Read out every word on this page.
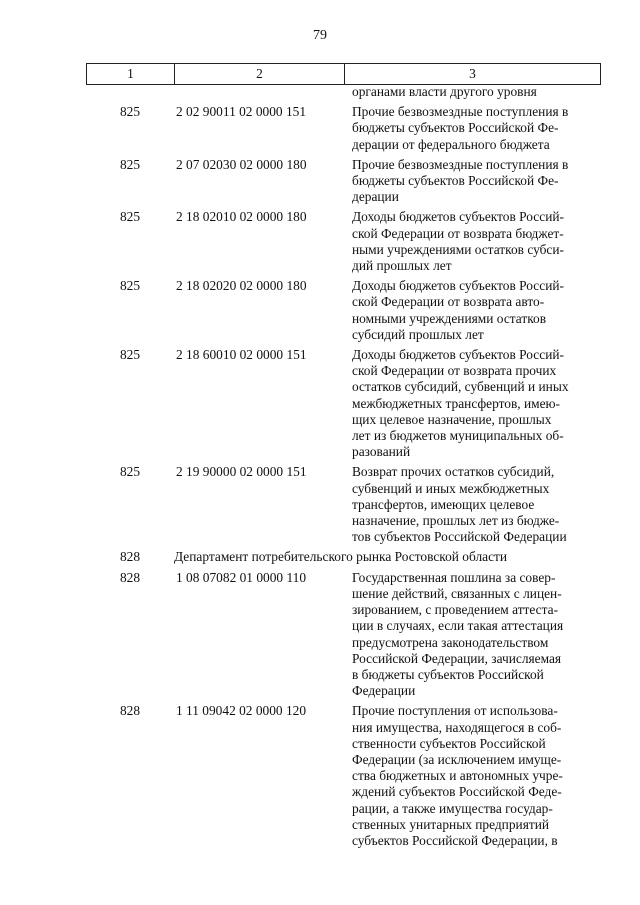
79
1	2	3
органами власти другого уровня
825	2 02 90011 02 0000 151	Прочие безвозмездные поступления в
бюджеты субъектов Российской Фе-
дерации от федерального бюджета
825	2 07 02030 02 0000 180	Прочие безвозмездные поступления в
бюджеты субъектов Российской Фе-
дерации
825	2 18 02010 02 0000 180	Доходы бюджетов субъектов Россий-
ской Федерации от возврата бюджет-
ными учреждениями остатков субси-
дий прошлых лет
825	2 18 02020 02 0000 180	Доходы бюджетов субъектов Россий-
ской Федерации от возврата авто-
номными учреждениями остатков
субсидий прошлых лет
825	2 18 60010 02 0000 151	Доходы бюджетов субъектов Россий-
ской Федерации от возврата прочих
остатков субсидий, субвенций и иных
межбюджетных трансфертов, имею-
щих целевое назначение, прошлых
лет из бюджетов муниципальных об-
разований
825	2 19 90000 02 0000 151	Возврат прочих остатков субсидий,
субвенций и иных межбюджетных
трансфертов, имеющих целевое
назначение, прошлых лет из бюдже-
тов субъектов Российской Федерации
828	Департамент потребительского рынка Ростовской области
828	1 08 07082 01 0000 110	Государственная пошлина за совер-
шение действий, связанных с лицен-
зированием, с проведением аттеста-
ции в случаях, если такая аттестация
предусмотрена законодательством
Российской Федерации, зачисляемая
в бюджеты субъектов Российской
Федерации
828	1 11 09042 02 0000 120	Прочие поступления от использова-
ния имущества, находящегося в соб-
ственности субъектов Российской
Федерации (за исключением имуще-
ства бюджетных и автономных учре-
ждений субъектов Российской Феде-
рации, а также имущества государ-
ственных унитарных предприятий
субъектов Российской Федерации, в
